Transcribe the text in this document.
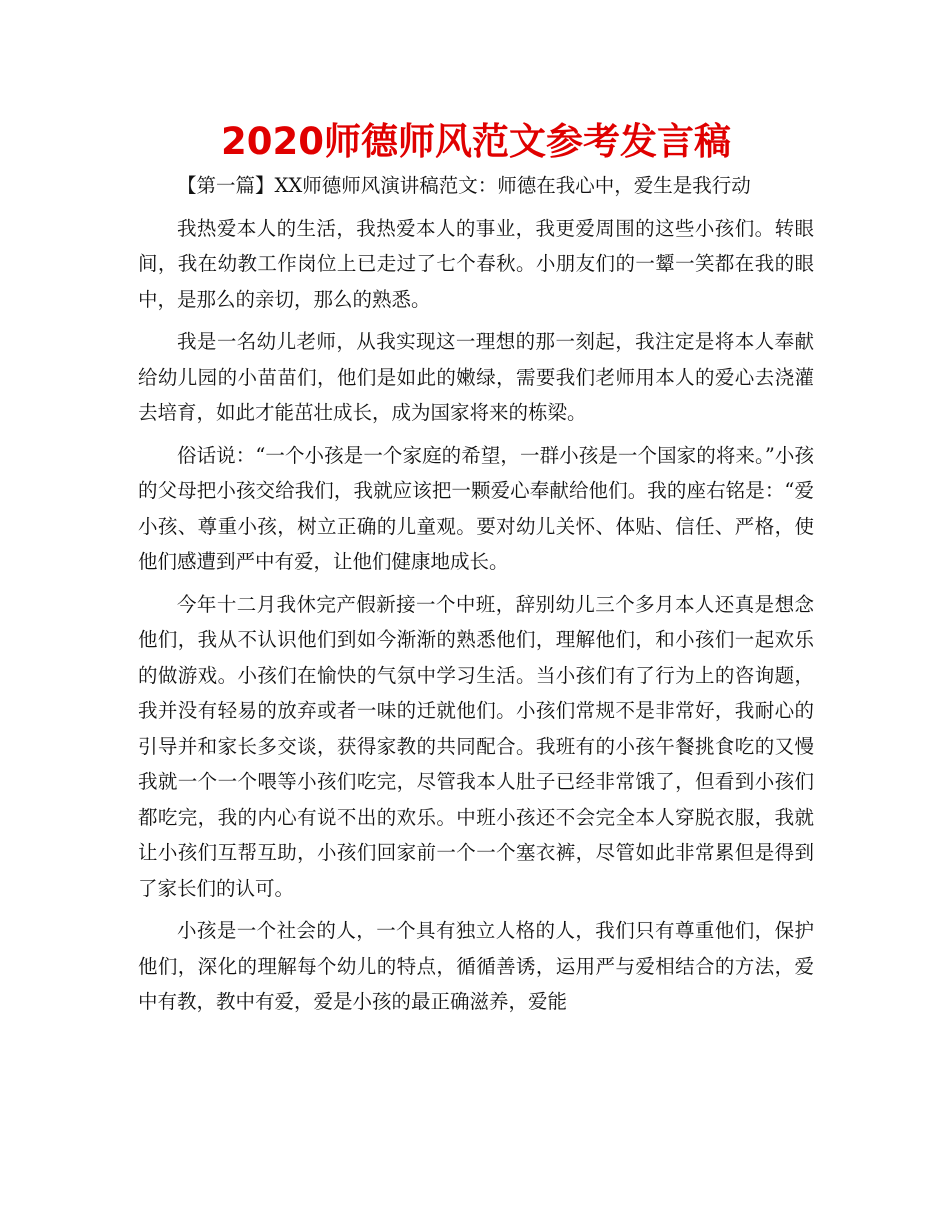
2020师德师风范文参考发言稿

【第一篇】XX师德师风演讲稿范文：师德在我心中，爱生是我行动

我热爱本人的生活，我热爱本人的事业，我更爱周围的这些小孩们。转眼间，我在幼教工作岗位上已走过了七个春秋。小朋友们的一颦一笑都在我的眼中，是那么的亲切，那么的熟悉。

我是一名幼儿老师，从我实现这一理想的那一刻起，我注定是将本人奉献给幼儿园的小苗苗们，他们是如此的嫩绿，需要我们老师用本人的爱心去浇灌去培育，如此才能茁壮成长，成为国家将来的栋梁。

俗话说：“一个小孩是一个家庭的希望，一群小孩是一个国家的将来。”小孩的父母把小孩交给我们，我就应该把一颗爱心奉献给他们。我的座右铭是：“爱小孩、尊重小孩，树立正确的儿童观。要对幼儿关怀、体贴、信任、严格，使他们感遭到严中有爱，让他们健康地成长。

今年十二月我休完产假新接一个中班，辞别幼儿三个多月本人还真是想念他们，我从不认识他们到如今渐渐的熟悉他们，理解他们，和小孩们一起欢乐的做游戏。小孩们在愉快的气氛中学习生活。当小孩们有了行为上的咨询题，我并没有轻易的放弃或者一味的迁就他们。小孩们常规不是非常好，我耐心的引导并和家长多交谈，获得家教的共同配合。我班有的小孩午餐挑食吃的又慢我就一个一个喂等小孩们吃完，尽管我本人肚子已经非常饿了，但看到小孩们都吃完，我的内心有说不出的欢乐。中班小孩还不会完全本人穿脱衣服，我就让小孩们互帮互助，小孩们回家前一个一个塞衣裤，尽管如此非常累但是得到了家长们的认可。

小孩是一个社会的人，一个具有独立人格的人，我们只有尊重他们，保护他们，深化的理解每个幼儿的特点，循循善诱，运用严与爱相结合的方法，爱中有教，教中有爱，爱是小孩的最正确滋养，爱能
